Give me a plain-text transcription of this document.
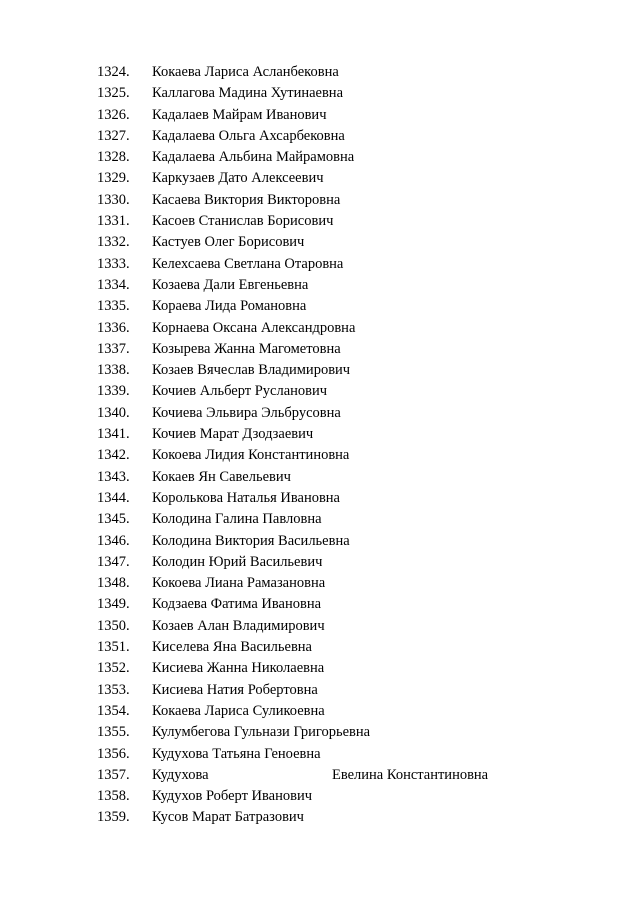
1324. Кокаева Лариса Асланбековна
1325. Каллагова Мадина Хутинаевна
1326. Кадалаев Майрам Иванович
1327. Кадалаева Ольга Ахсарбековна
1328. Кадалаева Альбина Майрамовна
1329. Каркузаев Дато Алексеевич
1330. Касаева Виктория Викторовна
1331. Касоев Станислав Борисович
1332. Кастуев Олег Борисович
1333. Келехсаева Светлана Отаровна
1334. Козаева Дали Евгеньевна
1335. Кораева Лида Романовна
1336. Корнаева Оксана Александровна
1337. Козырева Жанна Магометовна
1338. Козаев Вячеслав Владимирович
1339. Кочиев Альберт Русланович
1340. Кочиева Эльвира Эльбрусовна
1341. Кочиев Марат Дзодзаевич
1342. Кокоева Лидия Константиновна
1343. Кокаев Ян Савельевич
1344. Королькова Наталья Ивановна
1345. Колодина Галина Павловна
1346. Колодина Виктория Васильевна
1347. Колодин Юрий Васильевич
1348. Кокоева Лиана Рамазановна
1349. Кодзаева Фатима Ивановна
1350. Козаев Алан Владимирович
1351. Киселева Яна Васильевна
1352. Кисиева Жанна Николаевна
1353. Кисиева Натия Робертовна
1354. Кокаева Лариса Суликоевна
1355. Кулумбегова Гульнази Григорьевна
1356. Кудухова Татьяна Геноевна
1357. Кудухова	Евелина Константиновна
1358. Кудухов Роберт Иванович
1359. Кусов Марат Батразович
